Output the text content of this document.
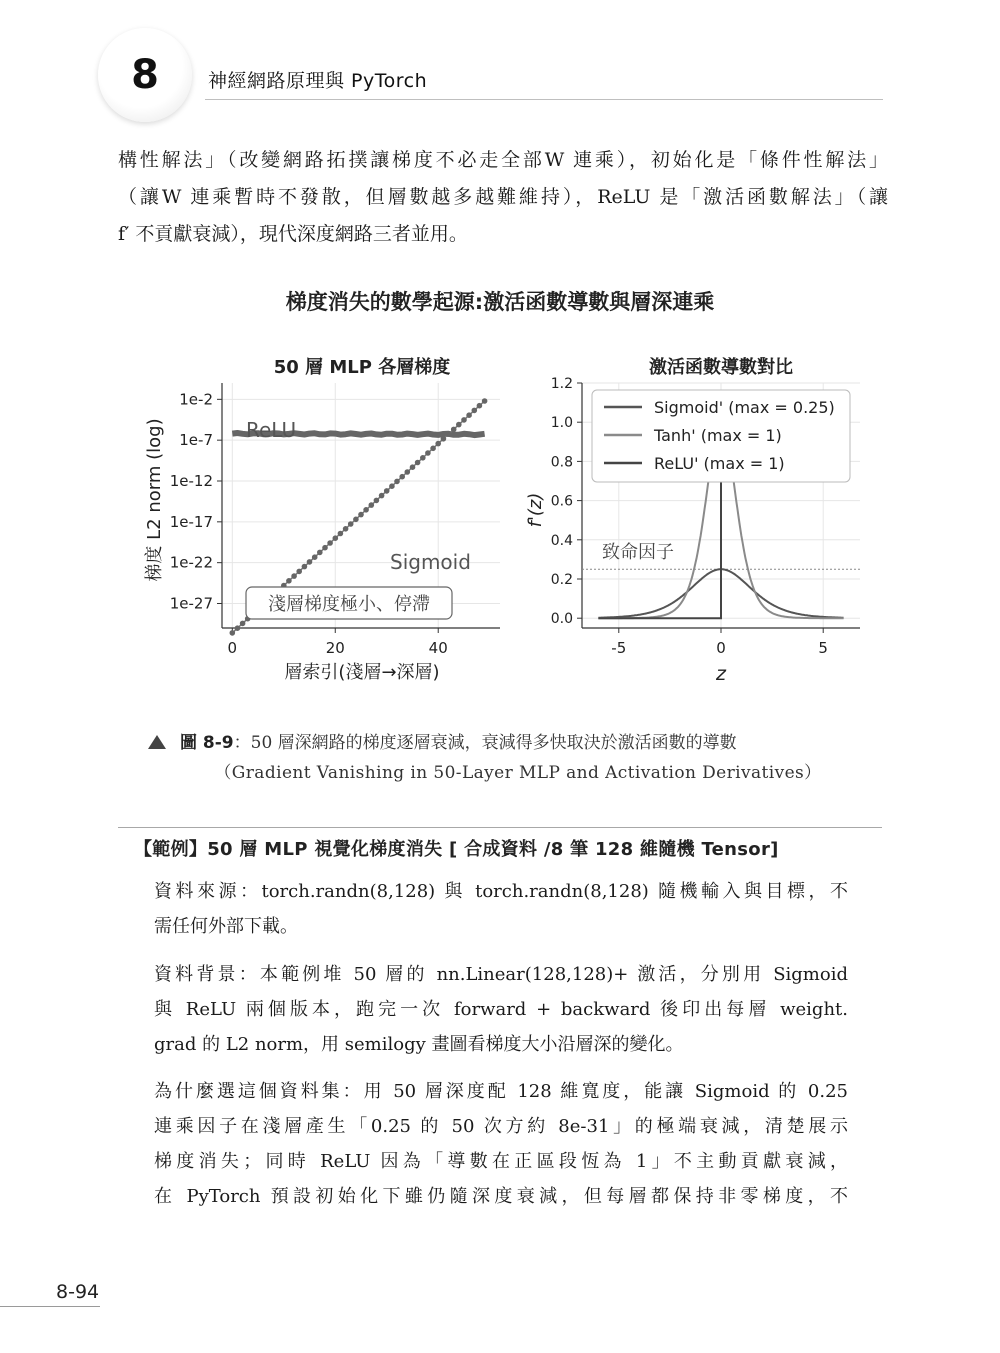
8	神經網路原理與 PyTorch
構性解法」（改變網路拓撲讓梯度不必走全部W 連乘），初始化是「條件性解法」
（讓W 連乘暫時不發散，但層數越多越難維持），ReLU 是「激活函數解法」（讓
f′ 不貢獻衰減），現代深度網路三者並用。
梯度消失的數學起源:激活函數導數與層深連乘
50 層 MLP 各層梯度
0	20	40
1e-2
1e-7
1e-12
1e-17
1e-22
1e-27
ReLU
Sigmoid
淺層梯度極小、停滯
層索引(淺層→深層)
梯度 L2 norm (log)
激活函數導數對比
-5	0	5
0.0
0.2
0.4
0.6
0.8
1.0
1.2
致命因子
z
f'(z)
Sigmoid' (max = 0.25)
Tanh' (max = 1)
ReLU' (max = 1)
圖 8-9：50 層深網路的梯度逐層衰減，衰減得多快取決於激活函數的導數
（Gradient Vanishing in 50-Layer MLP and Activation Derivatives）
【範例】50 層 MLP 視覺化梯度消失 [ 合成資料 /8 筆 128 維隨機 Tensor]
資料來源：torch.randn(8,128) 與 torch.randn(8,128) 隨機輸入與目標，不
需任何外部下載。
資料背景：本範例堆 50 層的 nn.Linear(128,128)+ 激活，分別用 Sigmoid
與 ReLU 兩個版本，跑完一次 forward + backward 後印出每層 weight.
grad 的 L2 norm，用 semilogy 畫圖看梯度大小沿層深的變化。
為什麼選這個資料集：用 50 層深度配 128 維寬度，能讓 Sigmoid 的 0.25
連乘因子在淺層產生「0.25 的 50 次方約 8e-31」的極端衰減，清楚展示
梯度消失；同時 ReLU 因為「導數在正區段恆為 1」不主動貢獻衰減，
在 PyTorch 預設初始化下雖仍隨深度衰減，但每層都保持非零梯度，不
8-94
